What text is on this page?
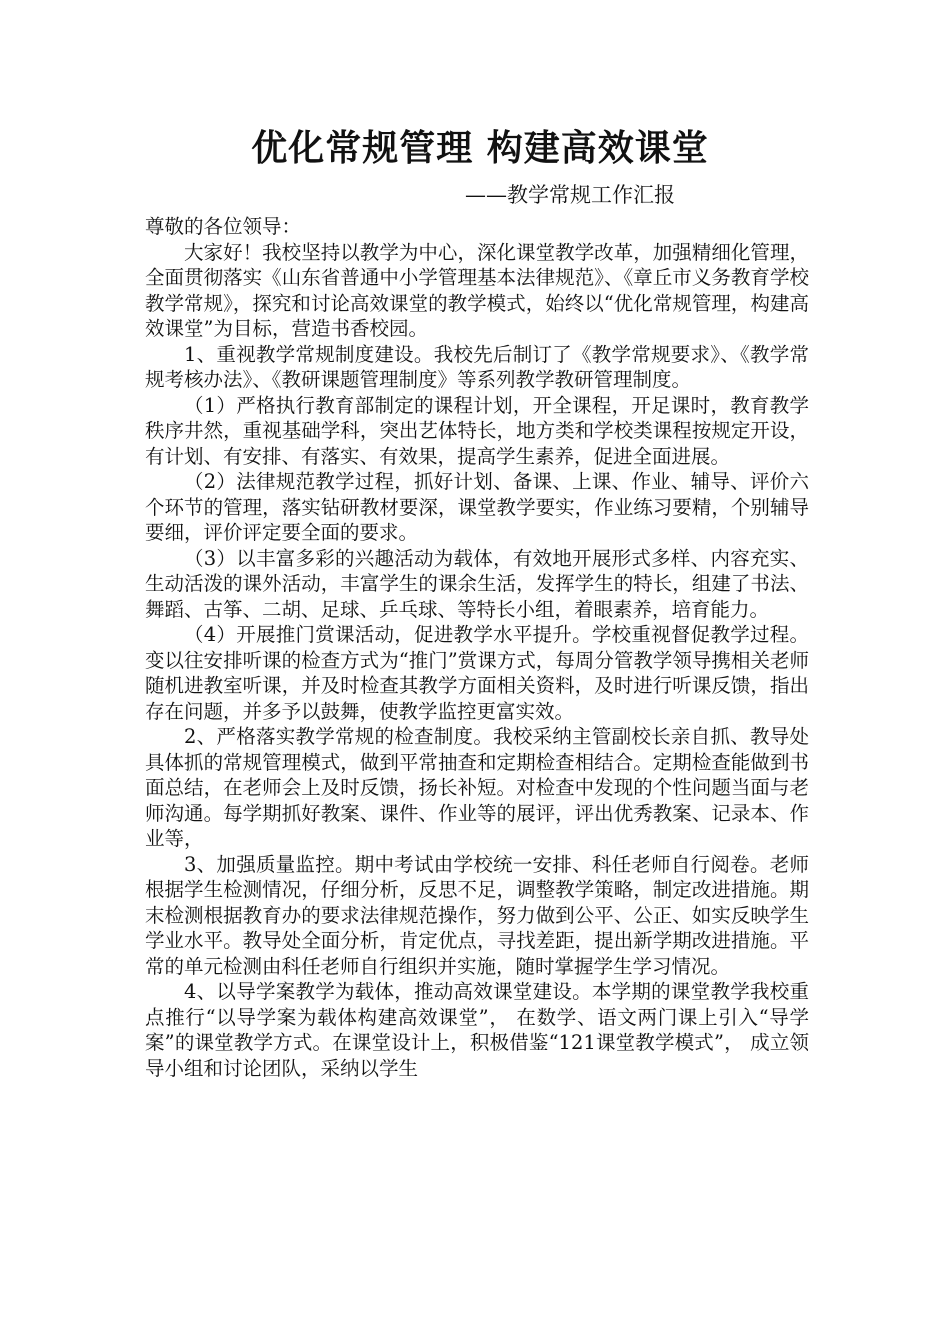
优化常规管理 构建高效课堂
——教学常规工作汇报
尊敬的各位领导：

大家好！我校坚持以教学为中心，深化课堂教学改革，加强精细化管理，全面贯彻落实《山东省普通中小学管理基本法律规范》、《章丘市义务教育学校教学常规》，探究和讨论高效课堂的教学模式，始终以“优化常规管理，构建高效课堂”为目标，营造书香校园。

1、重视教学常规制度建设。我校先后制订了《教学常规要求》、《教学常规考核办法》、《教研课题管理制度》等系列教学教研管理制度。

（1）严格执行教育部制定的课程计划，开全课程，开足课时，教育教学秩序井然，重视基础学科，突出艺体特长，地方类和学校类课程按规定开设，有计划、有安排、有落实、有效果，提高学生素养，促进全面进展。

（2）法律规范教学过程，抓好计划、备课、上课、作业、辅导、评价六个环节的管理，落实钻研教材要深，课堂教学要实，作业练习要精，个别辅导要细，评价评定要全面的要求。

（3）以丰富多彩的兴趣活动为载体，有效地开展形式多样、内容充实、生动活泼的课外活动，丰富学生的课余生活，发挥学生的特长，组建了书法、舞蹈、古筝、二胡、足球、乒乓球、等特长小组，着眼素养，培育能力。

（4）开展推门赏课活动，促进教学水平提升。学校重视督促教学过程。变以往安排听课的检查方式为“推门”赏课方式，每周分管教学领导携相关老师随机进教室听课，并及时检查其教学方面相关资料，及时进行听课反馈，指出存在问题，并多予以鼓舞，使教学监控更富实效。

2、严格落实教学常规的检查制度。我校采纳主管副校长亲自抓、教导处具体抓的常规管理模式，做到平常抽查和定期检查相结合。定期检查能做到书面总结，在老师会上及时反馈，扬长补短。对检查中发现的个性问题当面与老师沟通。每学期抓好教案、课件、作业等的展评，评出优秀教案、记录本、作业等，

3、加强质量监控。期中考试由学校统一安排、科任老师自行阅卷。老师根据学生检测情况，仔细分析，反思不足，调整教学策略，制定改进措施。期末检测根据教育办的要求法律规范操作，努力做到公平、公正、如实反映学生学业水平。教导处全面分析，肯定优点，寻找差距，提出新学期改进措施。平常的单元检测由科任老师自行组织并实施，随时掌握学生学习情况。

4、以导学案教学为载体，推动高效课堂建设。本学期的课堂教学我校重点推行“以导学案为载体构建高效课堂”， 在数学、语文两门课上引入“导学案”的课堂教学方式。在课堂设计上，积极借鉴“121课堂教学模式”， 成立领导小组和讨论团队，采纳以学生
